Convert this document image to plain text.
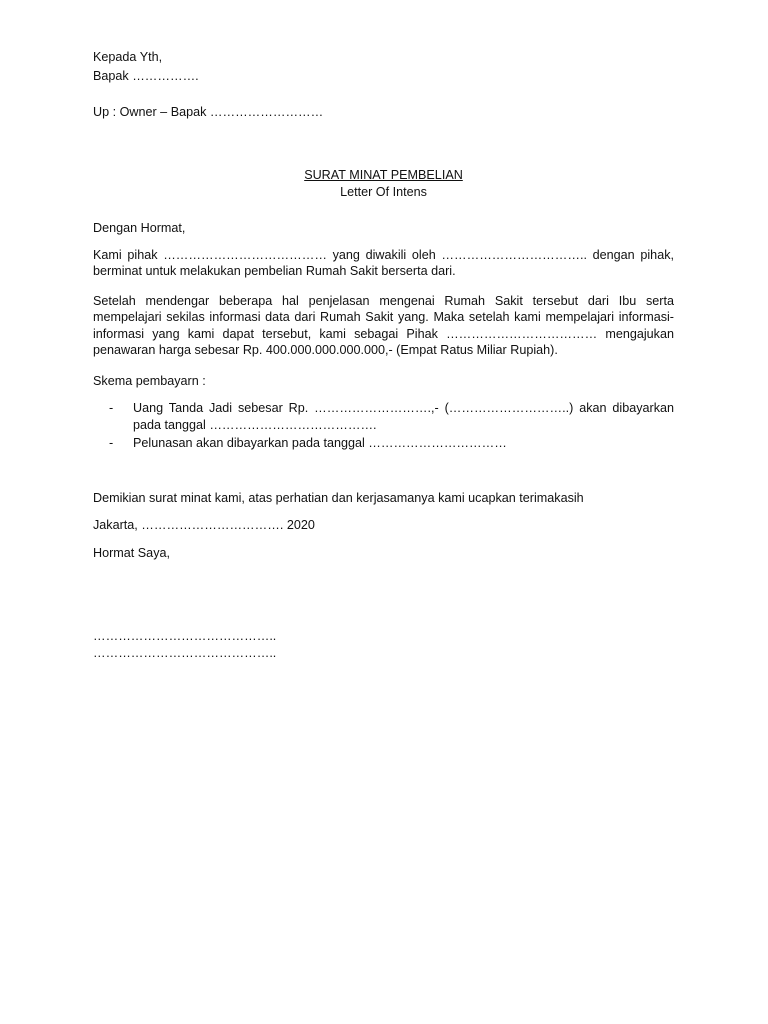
Kepada Yth,
Bapak …………….
Up : Owner – Bapak ………………………
SURAT MINAT PEMBELIAN
Letter Of Intens
Dengan Hormat,
Kami pihak ………………………………… yang diwakili oleh …………………………….. dengan pihak, berminat untuk melakukan pembelian Rumah Sakit berserta dari.
Setelah mendengar beberapa hal penjelasan mengenai Rumah Sakit tersebut dari Ibu serta mempelajari sekilas informasi data dari Rumah Sakit yang. Maka setelah kami mempelajari informasi-informasi yang kami dapat tersebut, kami sebagai Pihak ……………………………… mengajukan penawaran harga sebesar Rp. 400.000.000.000.000,- (Empat Ratus Miliar Rupiah).
Skema pembayarn :
- Uang Tanda Jadi sebesar Rp. ……………………….,- (………………………..) akan dibayarkan pada tanggal ………………………………….
- Pelunasan akan dibayarkan pada tanggal ……………………………
Demikian surat minat kami, atas perhatian dan kerjasamanya kami ucapkan terimakasih
Jakarta, ……………………………. 2020
Hormat Saya,
……………………………………..
……………………………………..
